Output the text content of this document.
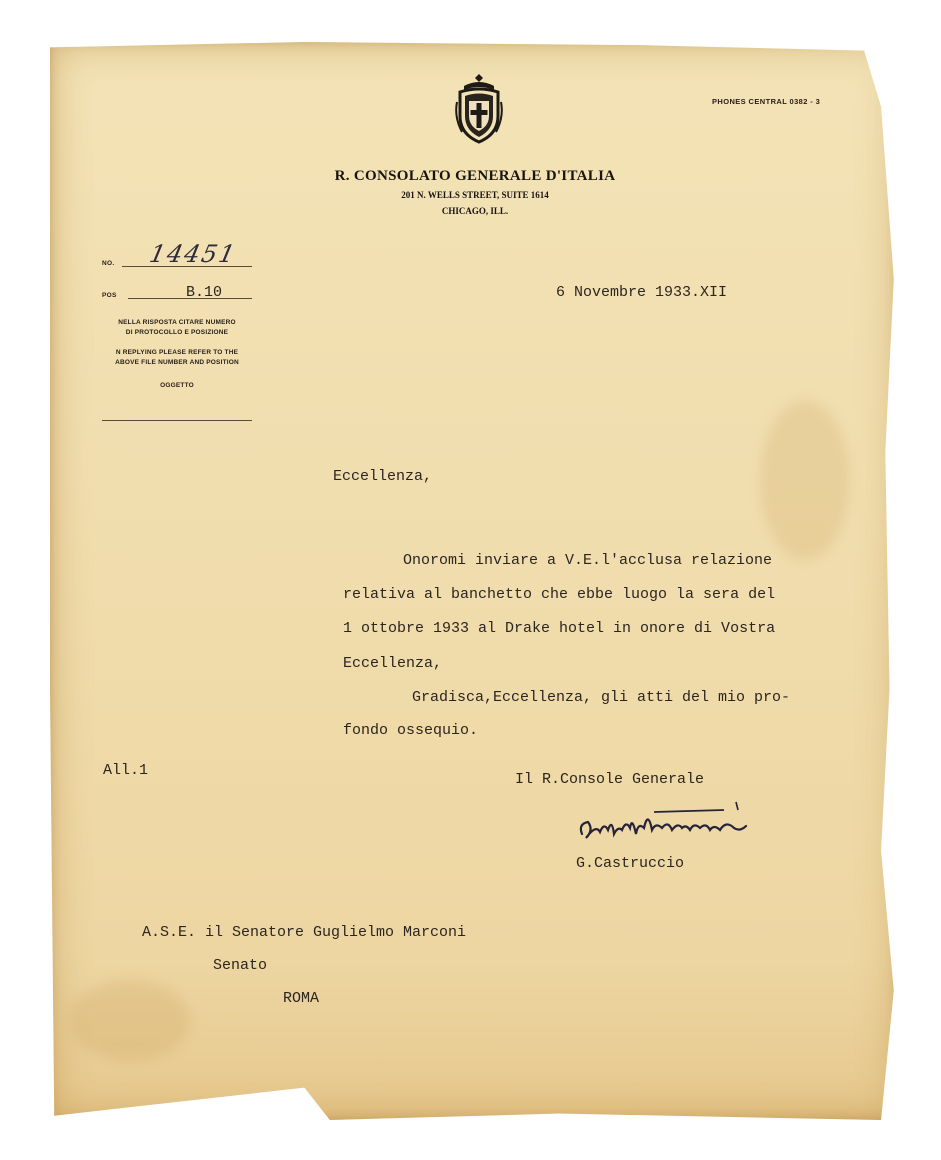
R. CONSOLATO GENERALE D'ITALIA
201 N. WELLS STREET, SUITE 1614
CHICAGO, ILL.
PHONES CENTRAL 0382 - 3
NO. 14451
POS	B.10
NELLA RISPOSTA CITARE NUMERO
DI PROTOCOLLO E POSIZIONE
N REPLYING PLEASE REFER TO THE
ABOVE FILE NUMBER AND POSITION
OGGETTO
6 Novembre 1933.XII
Eccellenza,
Onoromi inviare a V.E.l'acclusa relazione
relativa al banchetto che ebbe luogo la sera del
1 ottobre 1933 al Drake hotel in onore di Vostra
Eccellenza,
Gradisca,Eccellenza, gli atti del mio pro-
fondo ossequio.
All.1
Il R.Console Generale
G.Castruccio
A.S.E. il Senatore Guglielmo Marconi
Senato
ROMA
